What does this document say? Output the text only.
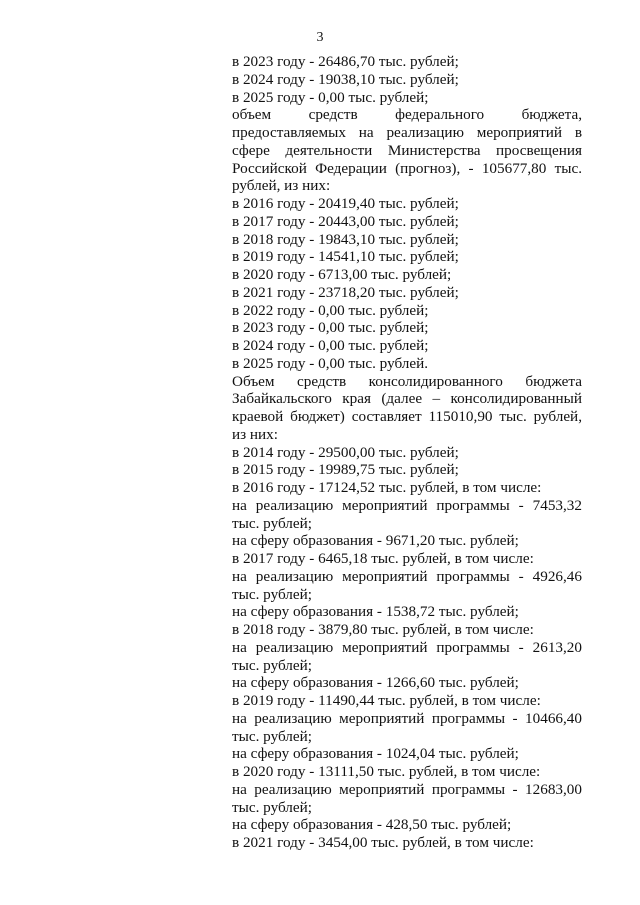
3

в 2023 году - 26486,70 тыс. рублей;

в 2024 году - 19038,10 тыс. рублей;

в 2025 году - 0,00 тыс. рублей;

объем средств федерального бюджета,

предоставляемых на реализацию мероприятий в

сфере деятельности Министерства просвещения

Российской Федерации (прогноз), - 105677,80 тыс.

рублей, из них:

в 2016 году - 20419,40 тыс. рублей;

в 2017 году - 20443,00 тыс. рублей;

в 2018 году - 19843,10 тыс. рублей;

в 2019 году - 14541,10 тыс. рублей;

в 2020 году - 6713,00 тыс. рублей;

в 2021 году - 23718,20 тыс. рублей;

в 2022 году - 0,00 тыс. рублей;

в 2023 году - 0,00 тыс. рублей;

в 2024 году - 0,00 тыс. рублей;

в 2025 году - 0,00 тыс. рублей.

Объем средств консолидированного бюджета

Забайкальского края (далее – консолидированный

краевой бюджет) составляет 115010,90 тыс. рублей,

из них:

в 2014 году - 29500,00 тыс. рублей;

в 2015 году - 19989,75 тыс. рублей;

в 2016 году - 17124,52 тыс. рублей, в том числе:

на реализацию мероприятий программы - 7453,32

тыс. рублей;

на сферу образования - 9671,20 тыс. рублей;

в 2017 году - 6465,18 тыс. рублей, в том числе:

на реализацию мероприятий программы - 4926,46

тыс. рублей;

на сферу образования - 1538,72 тыс. рублей;

в 2018 году - 3879,80 тыс. рублей, в том числе:

на реализацию мероприятий программы - 2613,20

тыс. рублей;

на сферу образования - 1266,60 тыс. рублей;

в 2019 году - 11490,44 тыс. рублей, в том числе:

на реализацию мероприятий программы - 10466,40

тыс. рублей;

на сферу образования - 1024,04 тыс. рублей;

в 2020 году - 13111,50 тыс. рублей, в том числе:

на реализацию мероприятий программы - 12683,00

тыс. рублей;

на сферу образования - 428,50 тыс. рублей;

в 2021 году - 3454,00 тыс. рублей, в том числе:
